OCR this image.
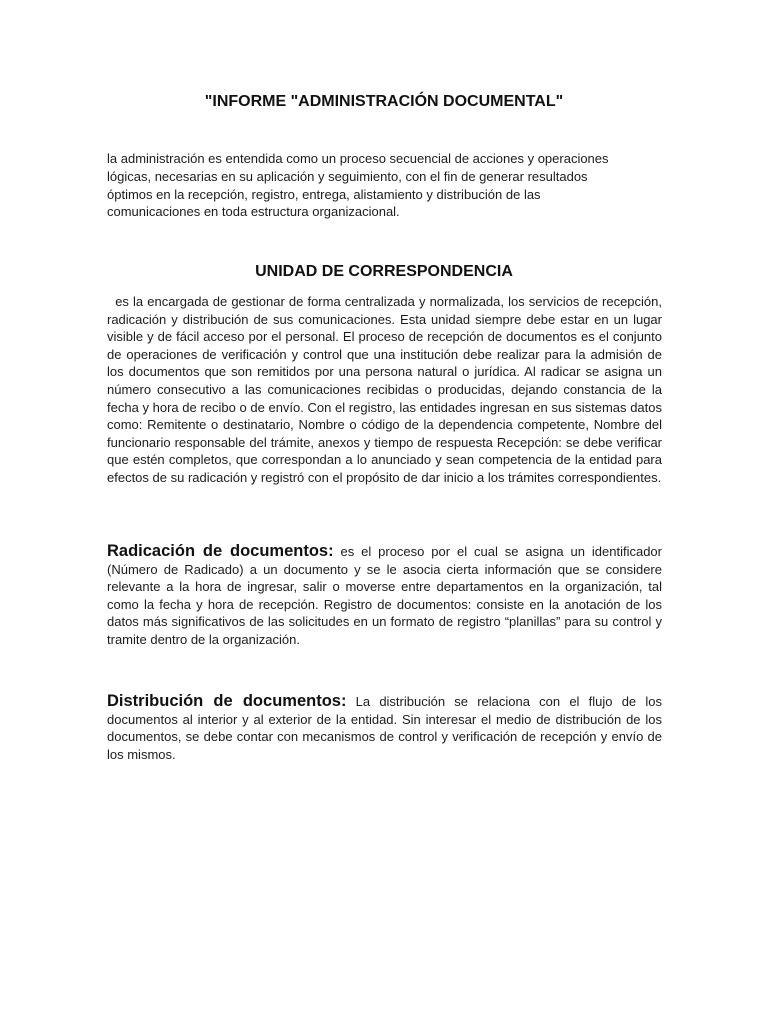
"INFORME "ADMINISTRACIÓN DOCUMENTAL"
la administración es entendida como un proceso secuencial de acciones y operaciones lógicas, necesarias en su aplicación y seguimiento, con el fin de generar resultados óptimos en la recepción, registro, entrega, alistamiento y distribución de las comunicaciones en toda estructura organizacional.
UNIDAD DE CORRESPONDENCIA
es la encargada de gestionar de forma centralizada y normalizada, los servicios de recepción, radicación y distribución de sus comunicaciones. Esta unidad siempre debe estar en un lugar visible y de fácil acceso por el personal. El proceso de recepción de documentos es el conjunto de operaciones de verificación y control que una institución debe realizar para la admisión de los documentos que son remitidos por una persona natural o jurídica. Al radicar se asigna un número consecutivo a las comunicaciones recibidas o producidas, dejando constancia de la fecha y hora de recibo o de envío. Con el registro, las entidades ingresan en sus sistemas datos como: Remitente o destinatario, Nombre o código de la dependencia competente, Nombre del funcionario responsable del trámite, anexos y tiempo de respuesta Recepción: se debe verificar que estén completos, que correspondan a lo anunciado y sean competencia de la entidad para efectos de su radicación y registró con el propósito de dar inicio a los trámites correspondientes.
Radicación de documentos: es el proceso por el cual se asigna un identificador (Número de Radicado) a un documento y se le asocia cierta información que se considere relevante a la hora de ingresar, salir o moverse entre departamentos en la organización, tal como la fecha y hora de recepción. Registro de documentos: consiste en la anotación de los datos más significativos de las solicitudes en un formato de registro “planillas” para su control y tramite dentro de la organización.
Distribución de documentos: La distribución se relaciona con el flujo de los documentos al interior y al exterior de la entidad. Sin interesar el medio de distribución de los documentos, se debe contar con mecanismos de control y verificación de recepción y envío de los mismos.
